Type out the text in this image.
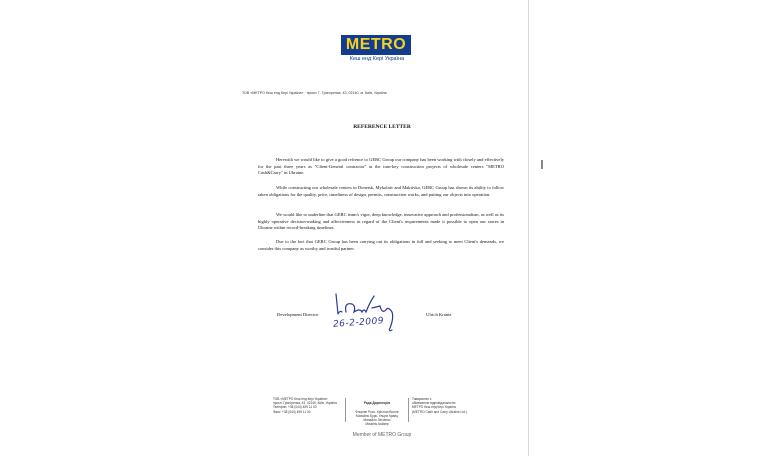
METRO
Кеш енд Кері Україна
ТОВ «МЕТРО Кеш енд Кері Україна» · просп. Г. Григоренка, 43, 02140, м. Київ, Україна
REFERENCE LETTER

Herewith we would like to give a good refrence to GERC Group our company has been working with closely and effectively for the past three years as "Client-General contractor" at the turn-key construction projects of wholesale centers "METRO Cash&Carry" in Ukraine.

While constructing our wholesale centers in Donetsk, Mykolaiv and Makiivka, GERC Group has shown its ability to follow taken obligations for the quality, price, timeliness of design, permits, construction works, and putting our objects into operation.

We would like to underline that GERC team's vigor, deep knowledge, innovative approach and professionalism, as well as its highly operative decision-making and affectiveness in regard of the Client's requirements made it possible to open our stores in Ukraine within record-breaking timelines.

Due to the fact that GERC Group has been carrying out its obligations in full and seeking to meet Client's demands, we consider this company as worthy and trustful partner.

Development Director
26-2-2009
Ulrich Krantz
ТОВ «МЕТРО Кеш енд Кері Україна»
просп. Григоренка, 43, 02140, Київ, Україна
Телефон: +38 (044) 459 11 00
Факс: +38 (044) 459 11 00

Рада Директорів

Флоріан Росс, Крістіан Волле
Михайло Бурк, Ульріх Кранц
Михайло Зінченко
Міхаель Кайзер

Товариство з
обмеженою відповідальністю
МЕТРО Кеш енд Кері Україна
(METRO Cash and Carry Ukraine Ltd.)
Member of METRO Group
